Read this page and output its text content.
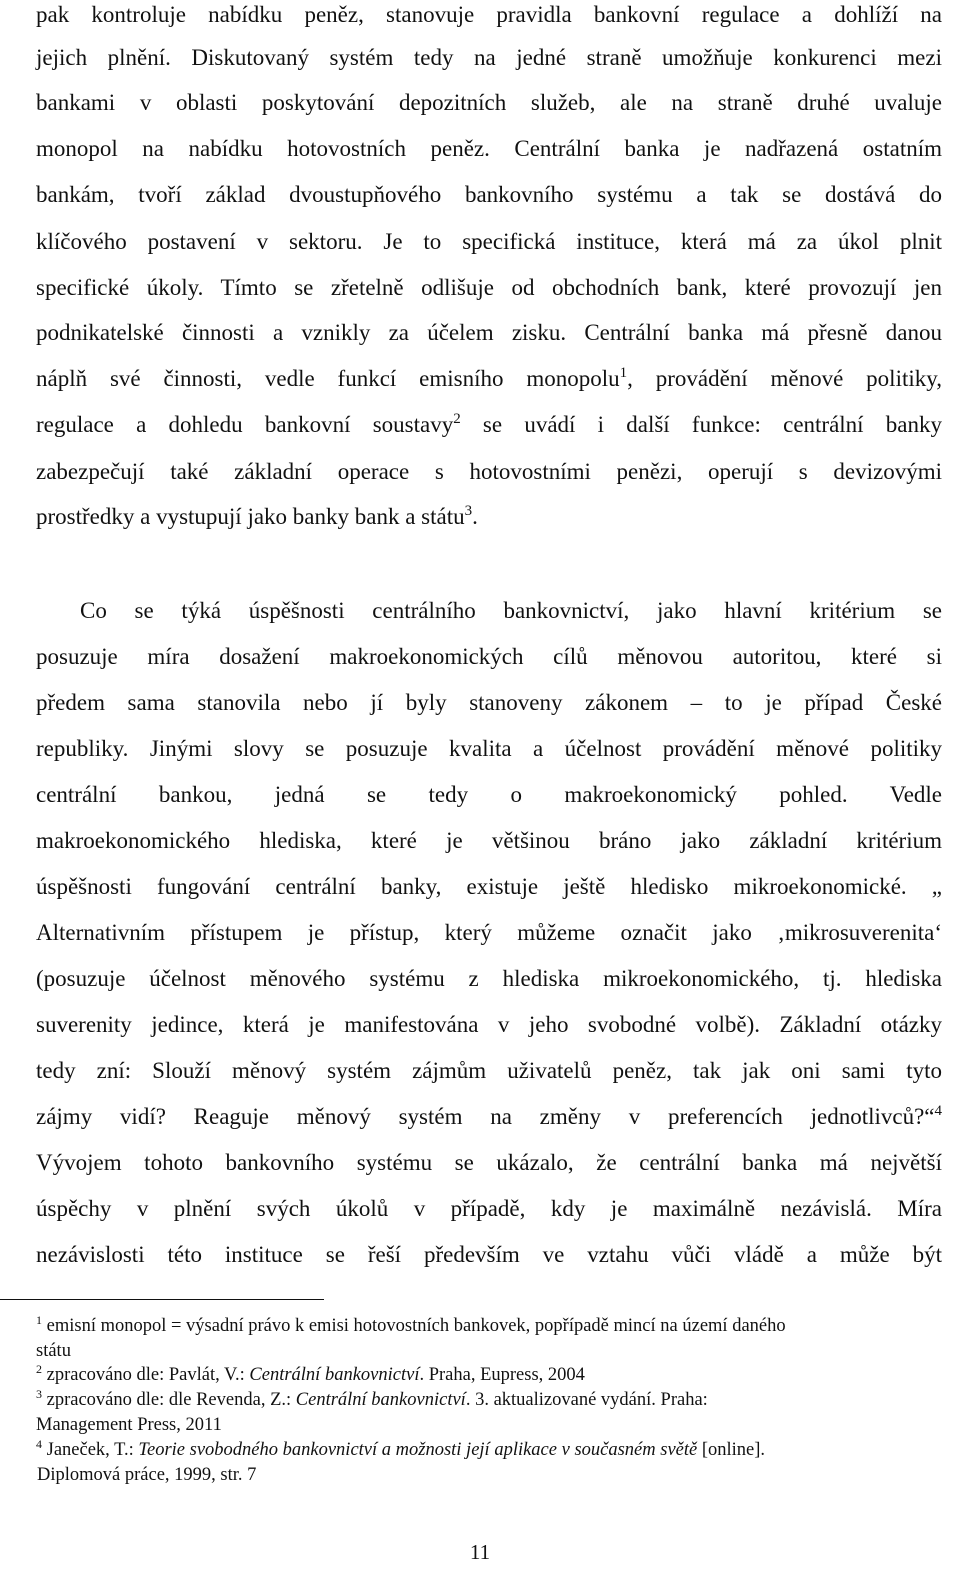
pak kontroluje nabídku peněz, stanovuje pravidla bankovní regulace a dohlíží na
jejich plnění. Diskutovaný systém tedy na jedné straně umožňuje konkurenci mezi
bankami v oblasti poskytování depozitních služeb, ale na straně druhé uvaluje
monopol na nabídku hotovostních peněz. Centrální banka je nadřazená ostatním
bankám, tvoří základ dvoustupňového bankovního systému a tak se dostává do
klíčového postavení v sektoru. Je to specifická instituce, která má za úkol plnit
specifické úkoly. Tímto se zřetelně odlišuje od obchodních bank, které provozují jen
podnikatelské činnosti a vznikly za účelem zisku. Centrální banka má přesně danou
náplň své činnosti, vedle funkcí emisního monopolu$^1$, provádění měnové politiky,
regulace a dohledu bankovní soustavy$^2$ se uvádí i další funkce: centrální banky
zabezpečují také základní operace s hotovostními penězi, operují s devizovými
prostředky a vystupují jako banky bank a státu$^3$.
Co se týká úspěšnosti centrálního bankovnictví, jako hlavní kritérium se
posuzuje míra dosažení makroekonomických cílů měnovou autoritou, které si
předem sama stanovila nebo jí byly stanoveny zákonem – to je případ České
republiky. Jinými slovy se posuzuje kvalita a účelnost provádění měnové politiky
centrální bankou, jedná se tedy o makroekonomický pohled. Vedle
makroekonomického hlediska, které je většinou bráno jako základní kritérium
úspěšnosti fungování centrální banky, existuje ještě hledisko mikroekonomické. „
Alternativním přístupem je přístup, který můžeme označit jako ‚mikrosuverenita‘
(posuzuje účelnost měnového systému z hlediska mikroekonomického, tj. hlediska
suverenity jedince, která je manifestována v jeho svobodné volbě). Základní otázky
tedy zní: Slouží měnový systém zájmům uživatelů peněz, tak jak oni sami tyto
zájmy vidí? Reaguje měnový systém na změny v preferencích jednotlivců?“$^4$
Vývojem tohoto bankovního systému se ukázalo, že centrální banka má největší
úspěchy v plnění svých úkolů v případě, kdy je maximálně nezávislá. Míra
nezávislosti této instituce se řeší především ve vztahu vůči vládě a může být
$^1$ emisní monopol = výsadní právo k emisi hotovostních bankovek, popřípadě mincí na území daného
státu
$^2$ zpracováno dle: Pavlát, V.: Centrální bankovnictví. Praha, Eupress, 2004
$^3$ zpracováno dle: dle Revenda, Z.: Centrální bankovnictví. 3. aktualizované vydání. Praha:
Management Press, 2011
$^4$ Janeček, T.: Teorie svobodného bankovnictví a možnosti její aplikace v současném světě [online].
Diplomová práce, 1999, str. 7
11
